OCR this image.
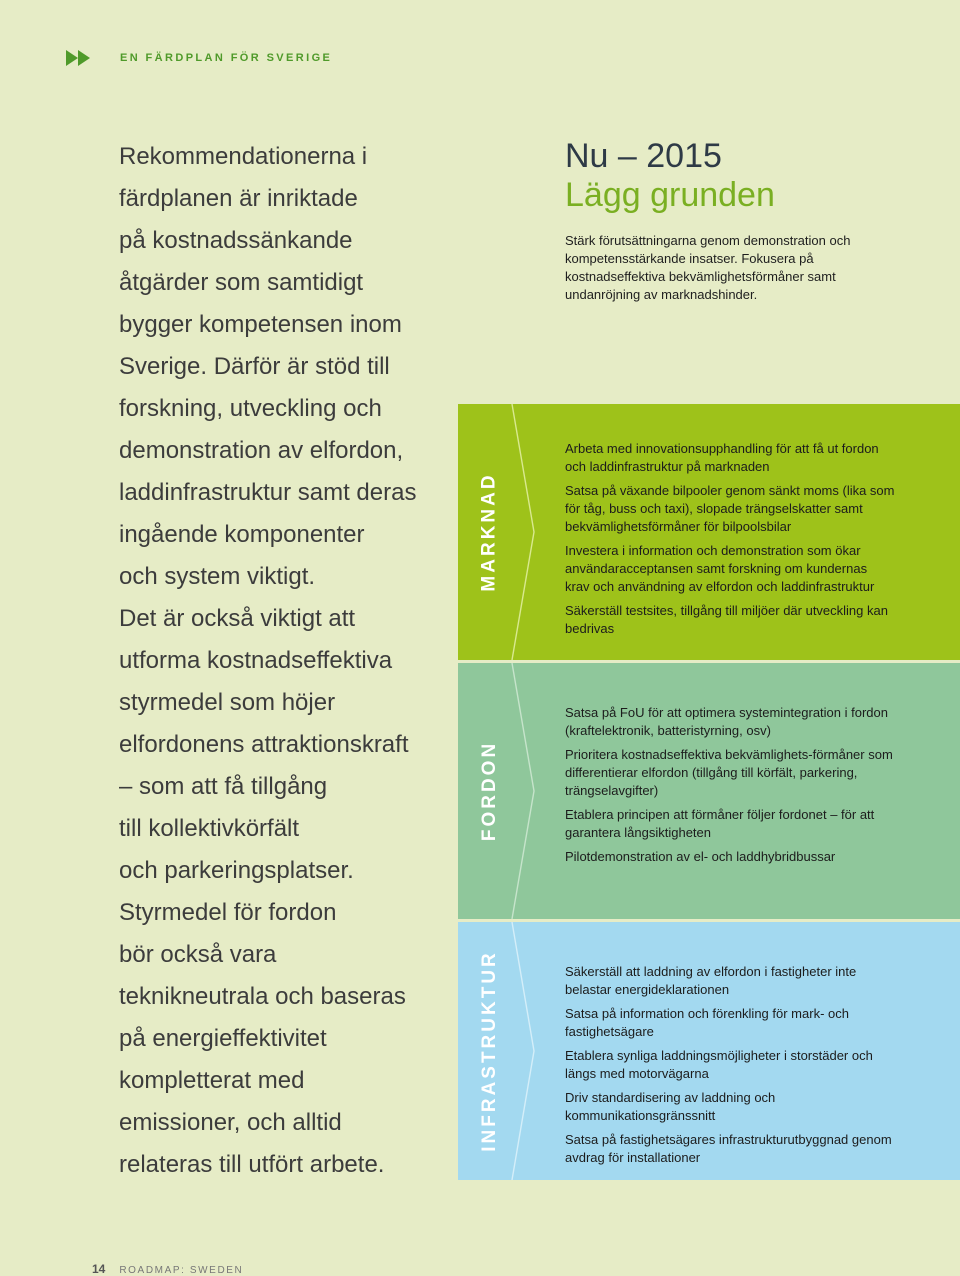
EN FÄRDPLAN FÖR SVERIGE
Rekommendationerna i
färdplanen är inriktade
på kostnadssänkande
åtgärder som samtidigt
bygger kompetensen inom
Sverige. Därför är stöd till
forskning, utveckling och
demonstration av elfordon,
laddinfrastruktur samt deras
ingående komponenter
och system viktigt.
Det är också viktigt att
utforma kostnadseffektiva
styrmedel som höjer
elfordonens attraktionskraft
– som att få tillgång
till kollektivkörfält
och parkeringsplatser.
Styrmedel för fordon
bör också vara
teknikneutrala och baseras
på energieffektivitet
kompletterat med
emissioner, och alltid
relateras till utfört arbete.
Nu – 2015
Lägg grunden
Stärk förutsättningarna genom demonstration och kompetensstärkande insatser. Fokusera på kostnadseffektiva bekvämlighetsförmåner samt undanröjning av marknadshinder.
MARKNAD
Arbeta med innovationsupphandling för att få ut fordon och laddinfrastruktur på marknaden
Satsa på växande bilpooler genom sänkt moms (lika som för tåg, buss och taxi), slopade trängselskatter samt bekvämlighetsförmåner för bilpoolsbilar
Investera i information och demonstration som ökar användaracceptansen samt forskning om kundernas krav och användning av elfordon och laddinfrastruktur
Säkerställ testsites, tillgång till miljöer där utveckling kan bedrivas
FORDON
Satsa på FoU för att optimera systemintegration i fordon (kraftelektronik, batteristyrning, osv)
Prioritera kostnadseffektiva bekvämlighets-förmåner som differentierar elfordon (tillgång till körfält, parkering, trängselavgifter)
Etablera principen att förmåner följer fordonet – för att garantera långsiktigheten
Pilotdemonstration av el- och laddhybridbussar
INFRASTRUKTUR	Säkerställ att laddning av elfordon i fastigheter inte belastar energideklarationen
Satsa på information och förenkling för mark- och fastighetsägare
Etablera synliga laddningsmöjligheter i storstäder och längs med motorvägarna
Driv standardisering av laddning och kommunikationsgränssnitt
Satsa på fastighetsägares infrastrukturutbyggnad genom avdrag för installationer
14 ROADMAP: SWEDEN
